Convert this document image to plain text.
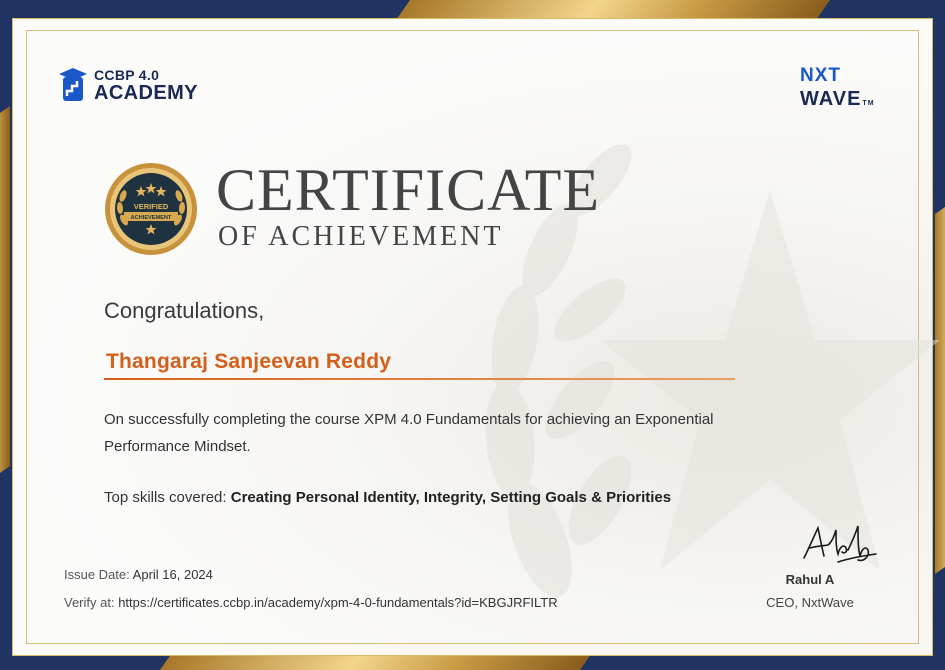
CCBP 4.0
ACADEMY
NXT
WAVETM
VERIFIED
ACHIEVEMENT CERTIFICATE
OF ACHIEVEMENT
Congratulations,
Thangaraj Sanjeevan Reddy
On successfully completing the course XPM 4.0 Fundamentals for achieving an Exponential Performance Mindset.
Top skills covered: Creating Personal Identity, Integrity, Setting Goals & Priorities
Issue Date: April 16, 2024
Verify at: https://certificates.ccbp.in/academy/xpm-4-0-fundamentals?id=KBGJRFILTR
Rahul A
CEO, NxtWave
